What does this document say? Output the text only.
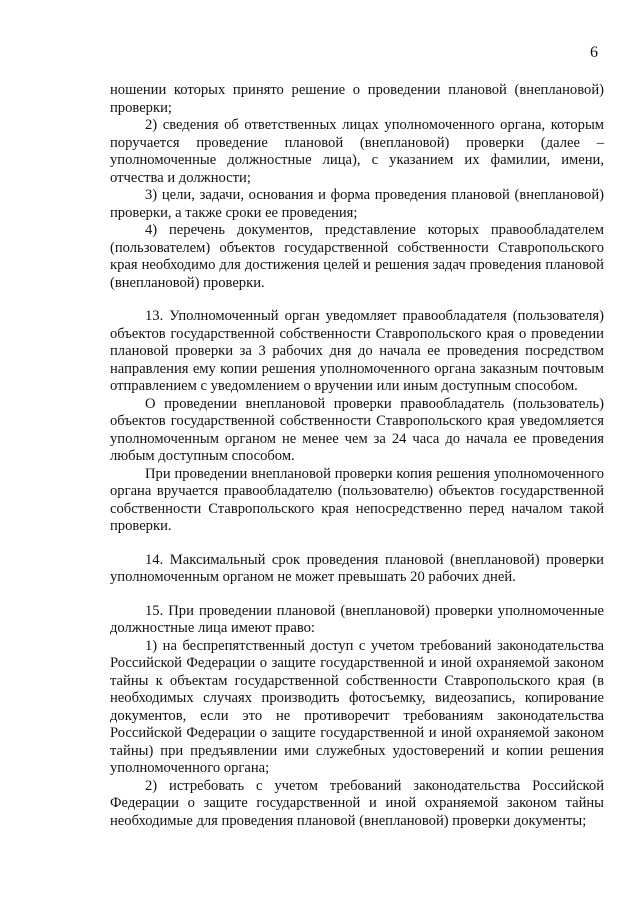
6

ношении которых принято решение о проведении плановой (внеплановой) проверки;

2) сведения об ответственных лицах уполномоченного органа, которым поручается проведение плановой (внеплановой) проверки (далее – уполномоченные должностные лица), с указанием их фамилии, имени, отчества и должности;

3) цели, задачи, основания и форма проведения плановой (внеплановой) проверки, а также сроки ее проведения;

4) перечень документов, представление которых правообладателем (пользователем) объектов государственной собственности Ставропольского края необходимо для достижения целей и решения задач проведения плановой (внеплановой) проверки.

13. Уполномоченный орган уведомляет правообладателя (пользователя) объектов государственной собственности Ставропольского края о проведении плановой проверки за 3 рабочих дня до начала ее проведения посредством направления ему копии решения уполномоченного органа заказным почтовым отправлением с уведомлением о вручении или иным доступным способом.

О проведении внеплановой проверки правообладатель (пользователь) объектов государственной собственности Ставропольского края уведомляется уполномоченным органом не менее чем за 24 часа до начала ее проведения любым доступным способом.

При проведении внеплановой проверки копия решения уполномоченного органа вручается правообладателю (пользователю) объектов государственной собственности Ставропольского края непосредственно перед началом такой проверки.

14. Максимальный срок проведения плановой (внеплановой) проверки уполномоченным органом не может превышать 20 рабочих дней.

15. При проведении плановой (внеплановой) проверки уполномоченные должностные лица имеют право:

1) на беспрепятственный доступ с учетом требований законодательства Российской Федерации о защите государственной и иной охраняемой законом тайны к объектам государственной собственности Ставропольского края (в необходимых случаях производить фотосъемку, видеозапись, копирование документов, если это не противоречит требованиям законодательства Российской Федерации о защите государственной и иной охраняемой законом тайны) при предъявлении ими служебных удостоверений и копии решения уполномоченного органа;

2) истребовать с учетом требований законодательства Российской Федерации о защите государственной и иной охраняемой законом тайны необходимые для проведения плановой (внеплановой) проверки документы;
